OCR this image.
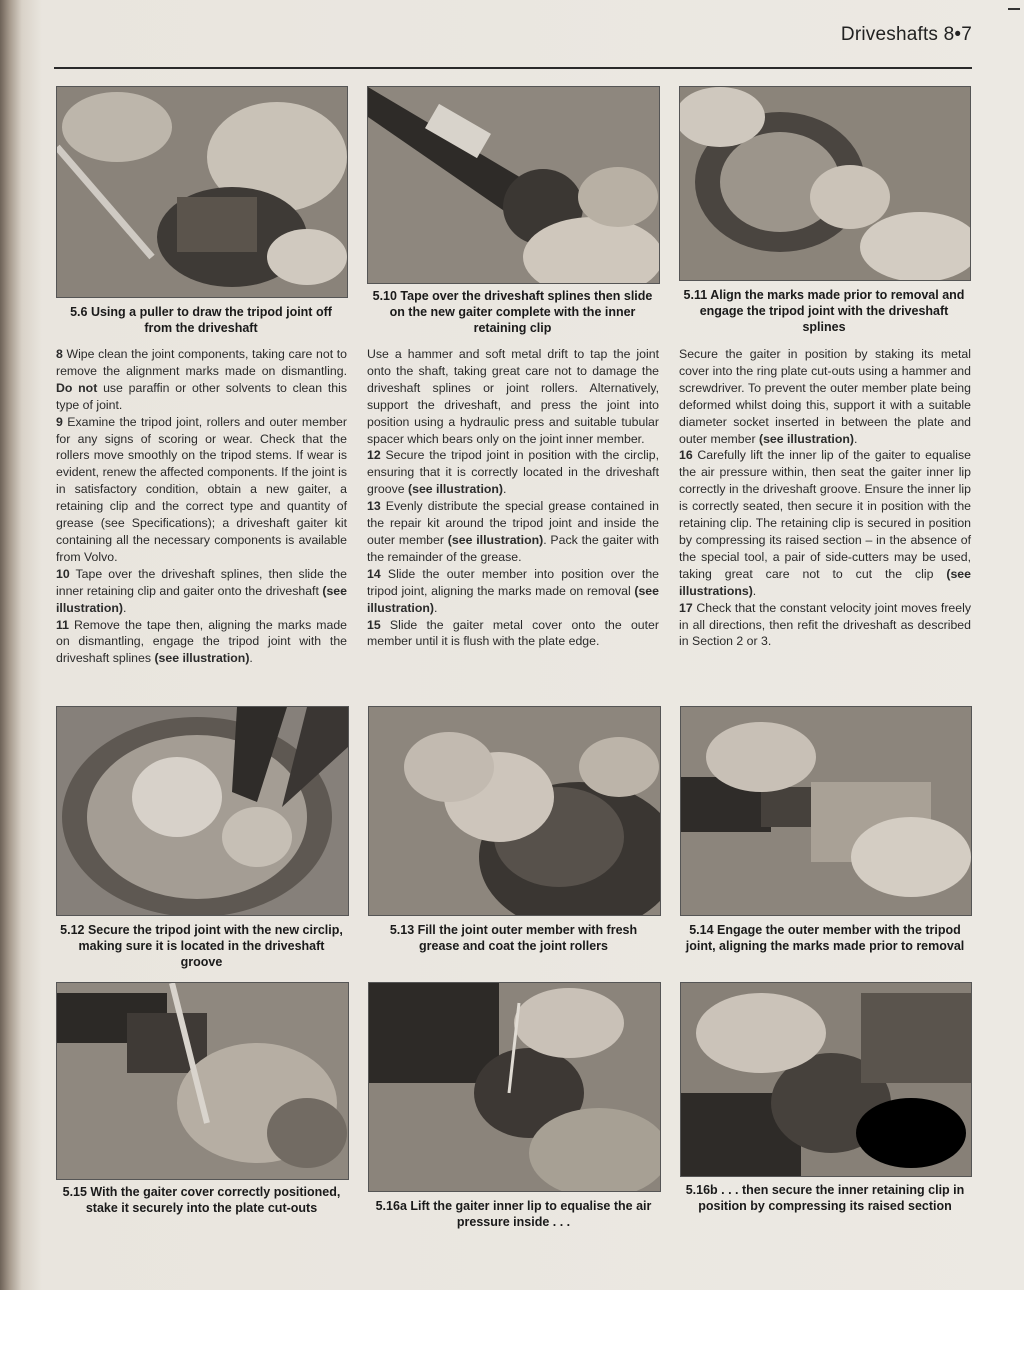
Driveshafts 8•7
5.6 Using a puller to draw the tripod joint off from the driveshaft
5.10 Tape over the driveshaft splines then slide on the new gaiter complete with the inner retaining clip
5.11 Align the marks made prior to removal and engage the tripod joint with the driveshaft splines

8 Wipe clean the joint components, taking care not to remove the alignment marks made on dismantling. Do not use paraffin or other solvents to clean this type of joint.

9 Examine the tripod joint, rollers and outer member for any signs of scoring or wear. Check that the rollers move smoothly on the tripod stems. If wear is evident, renew the affected components. If the joint is in satisfactory condition, obtain a new gaiter, a retaining clip and the correct type and quantity of grease (see Specifications); a driveshaft gaiter kit containing all the necessary components is available from Volvo.

10 Tape over the driveshaft splines, then slide the inner retaining clip and gaiter onto the driveshaft (see illustration).

11 Remove the tape then, aligning the marks made on dismantling, engage the tripod joint with the driveshaft splines (see illustration).

Use a hammer and soft metal drift to tap the joint onto the shaft, taking great care not to damage the driveshaft splines or joint rollers. Alternatively, support the driveshaft, and press the joint into position using a hydraulic press and suitable tubular spacer which bears only on the joint inner member.

12 Secure the tripod joint in position with the circlip, ensuring that it is correctly located in the driveshaft groove (see illustration).

13 Evenly distribute the special grease contained in the repair kit around the tripod joint and inside the outer member (see illustration). Pack the gaiter with the remainder of the grease.

14 Slide the outer member into position over the tripod joint, aligning the marks made on removal (see illustration).

15 Slide the gaiter metal cover onto the outer member until it is flush with the plate edge.

Secure the gaiter in position by staking its metal cover into the ring plate cut-outs using a hammer and screwdriver. To prevent the outer member plate being deformed whilst doing this, support it with a suitable diameter socket inserted in between the plate and outer member (see illustration).

16 Carefully lift the inner lip of the gaiter to equalise the air pressure within, then seat the gaiter inner lip correctly in the driveshaft groove. Ensure the inner lip is correctly seated, then secure it in position with the retaining clip. The retaining clip is secured in position by compressing its raised section – in the absence of the special tool, a pair of side-cutters may be used, taking great care not to cut the clip (see illustrations).

17 Check that the constant velocity joint moves freely in all directions, then refit the driveshaft as described in Section 2 or 3.

5.12 Secure the tripod joint with the new circlip, making sure it is located in the driveshaft groove
5.13 Fill the joint outer member with fresh grease and coat the joint rollers
5.14 Engage the outer member with the tripod joint, aligning the marks made prior to removal
5.15 With the gaiter cover correctly positioned, stake it securely into the plate cut-outs	5.16a Lift the gaiter inner lip to equalise the air pressure inside . . .
5.16b . . . then secure the inner retaining clip in position by compressing its raised section
